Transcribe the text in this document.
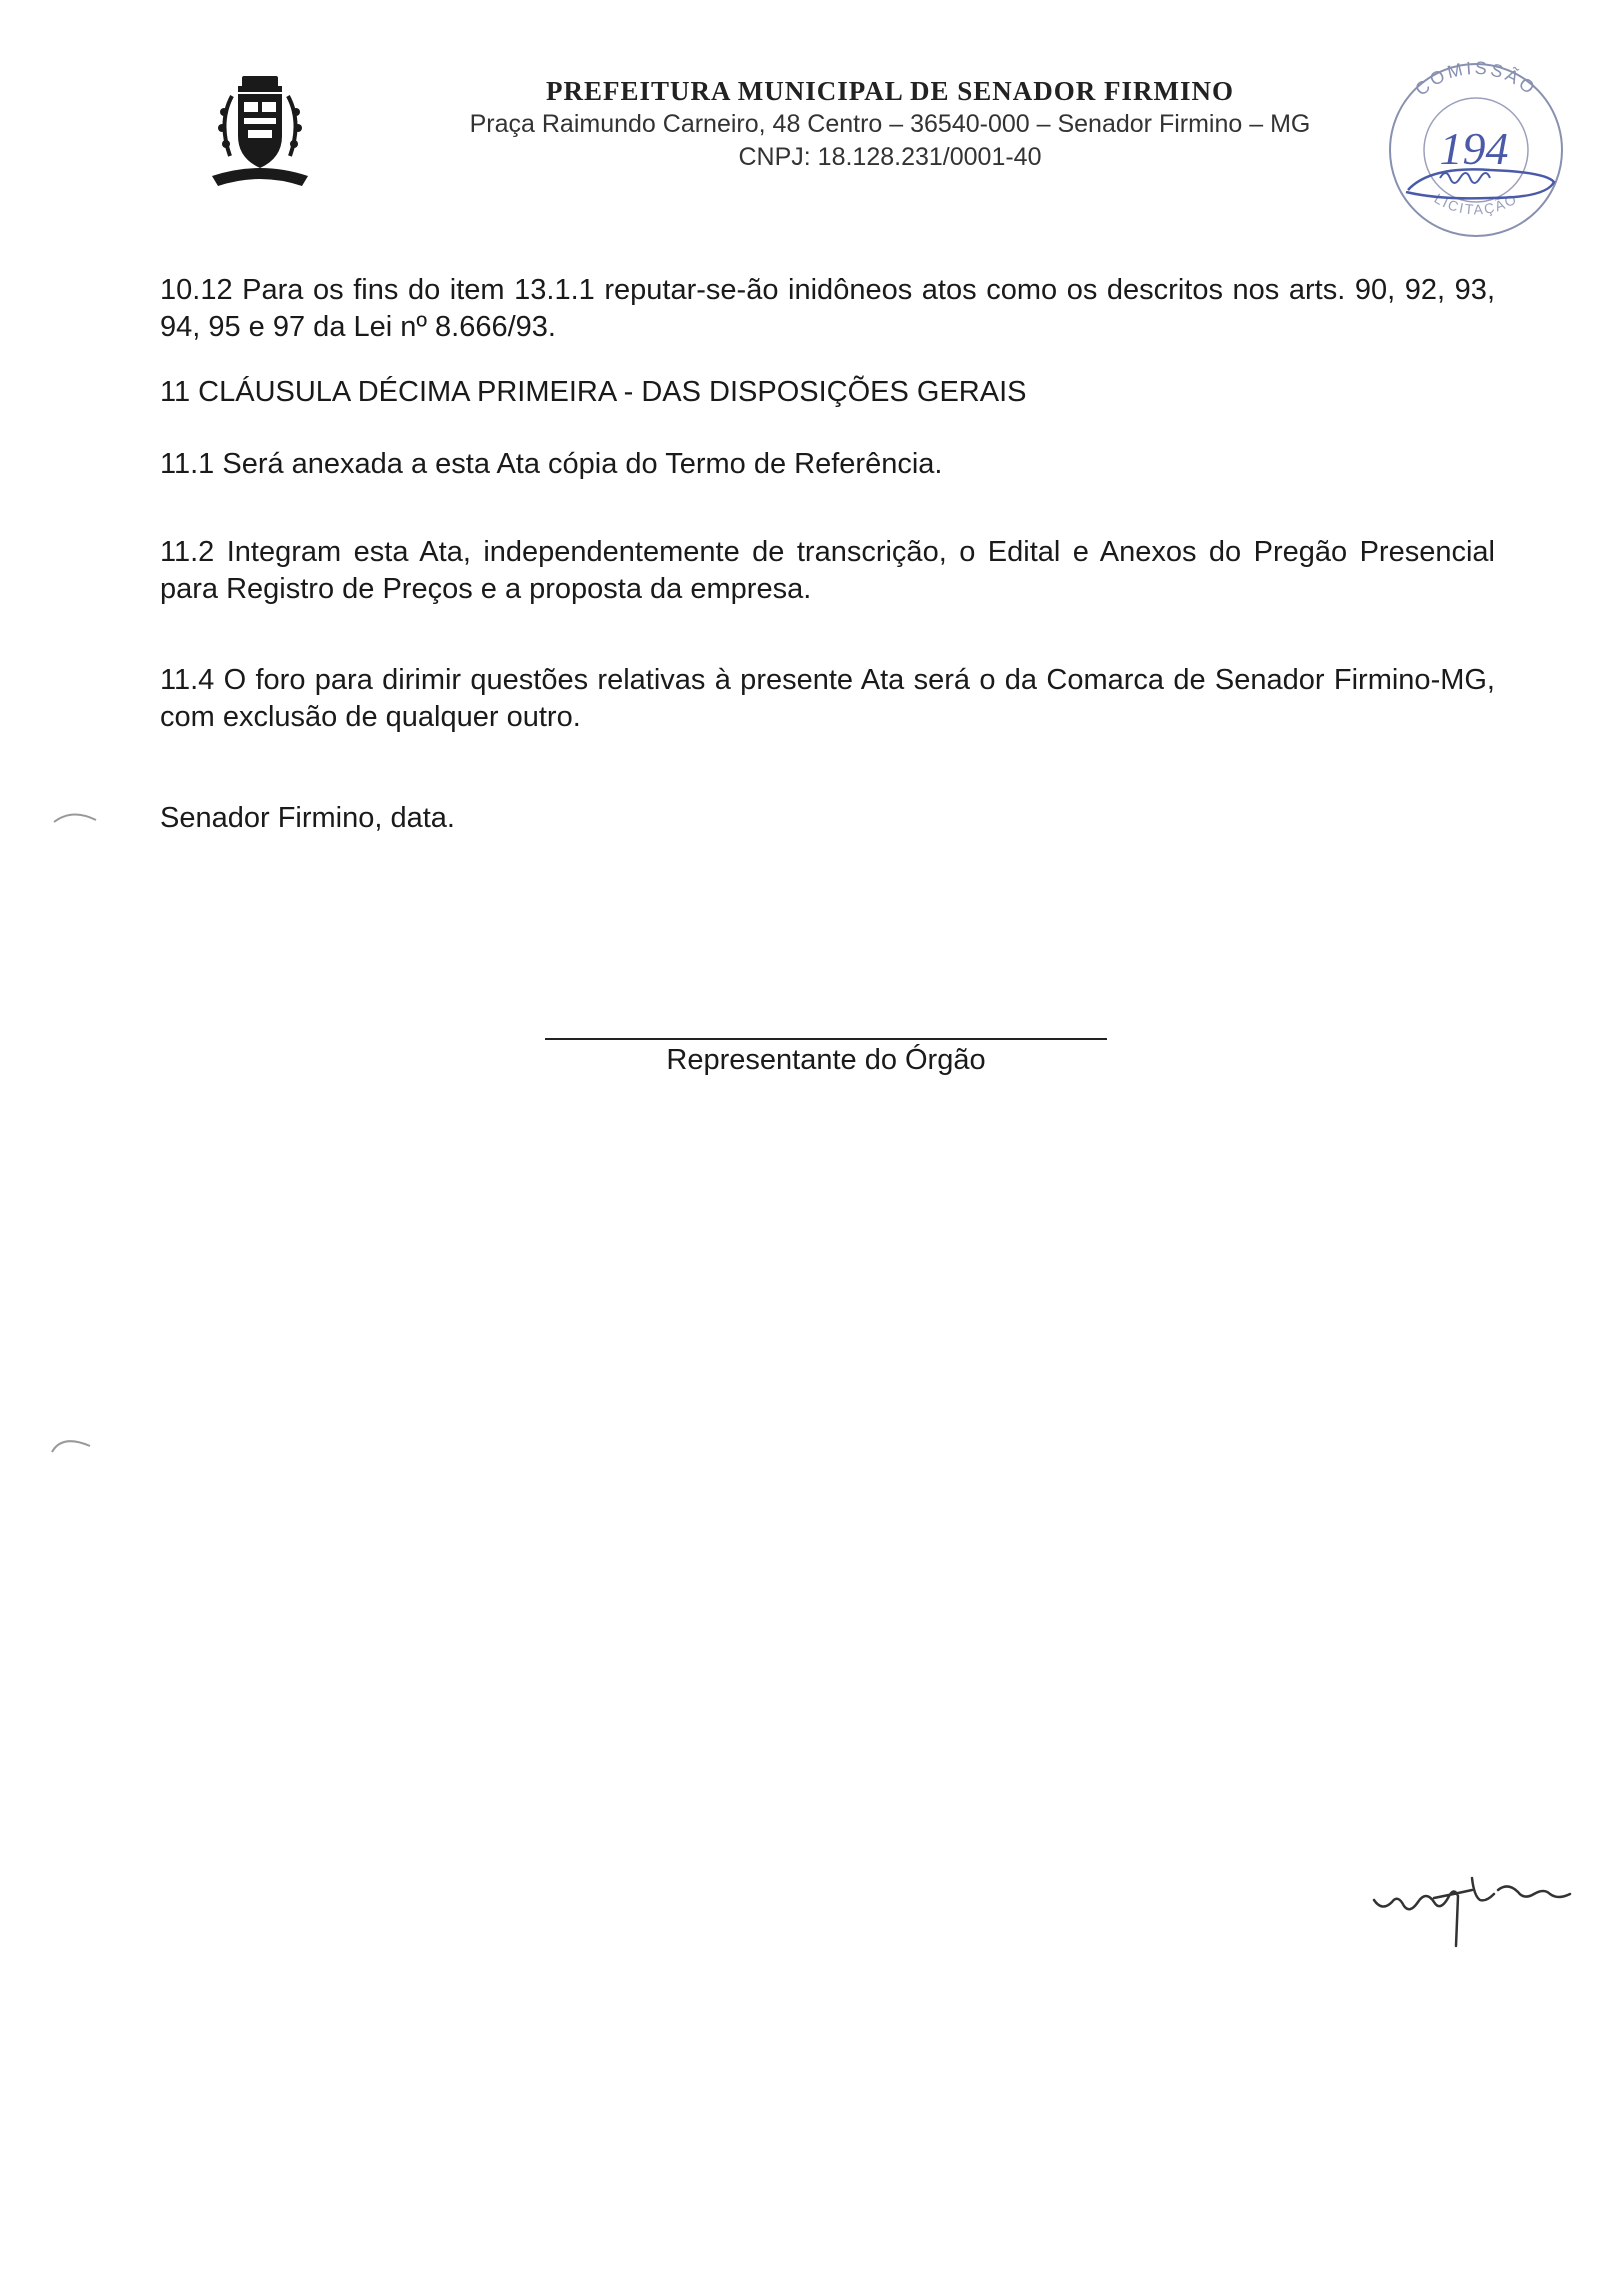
PREFEITURA MUNICIPAL DE SENADOR FIRMINO
Praça Raimundo Carneiro, 48 Centro – 36540-000 – Senador Firmino – MG
CNPJ: 18.128.231/0001-40
COMISSÃO
LICITAÇÃO
194
10.12 Para os fins do item 13.1.1 reputar-se-ão inidôneos atos como os descritos nos arts. 90, 92, 93, 94, 95 e 97 da Lei nº 8.666/93.
11 CLÁUSULA DÉCIMA PRIMEIRA - DAS DISPOSIÇÕES GERAIS
11.1 Será anexada a esta Ata cópia do Termo de Referência.
11.2 Integram esta Ata, independentemente de transcrição, o Edital e Anexos do Pregão Presencial para Registro de Preços e a proposta da empresa.
11.4 O foro para dirimir questões relativas à presente Ata será o da Comarca de Senador Firmino-MG, com exclusão de qualquer outro.
Senador Firmino, data.
Representante do Órgão
